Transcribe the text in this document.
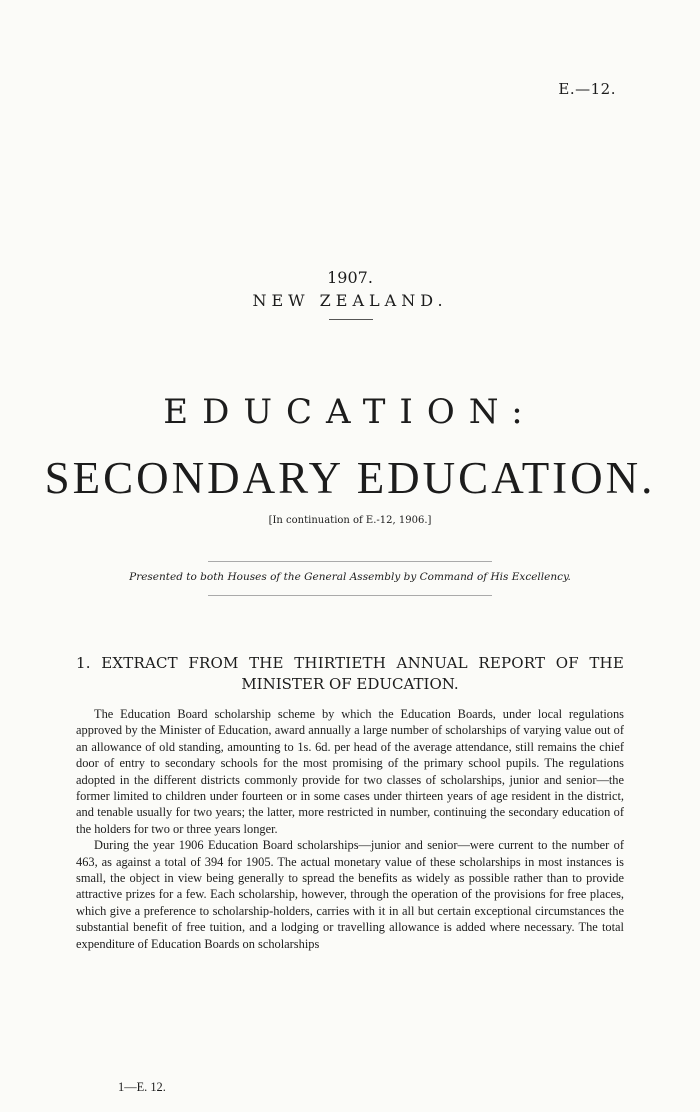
E.—12.
1907.
NEW ZEALAND.
EDUCATION:
SECONDARY EDUCATION.
[In continuation of E.-12, 1906.]
Presented to both Houses of the General Assembly by Command of His Excellency.
1. EXTRACT FROM THE THIRTIETH ANNUAL REPORT OF THE
MINISTER OF EDUCATION.

The Education Board scholarship scheme by which the Education Boards, under local regulations approved by the Minister of Education, award annually a large number of scholarships of varying value out of an allowance of old standing, amounting to 1s. 6d. per head of the average attendance, still remains the chief door of entry to secondary schools for the most promising of the primary school pupils. The regulations adopted in the different districts commonly provide for two classes of scholarships, junior and senior—the former limited to children under fourteen or in some cases under thirteen years of age resident in the district, and tenable usually for two years; the latter, more restricted in number, continuing the secondary education of the holders for two or three years longer.

During the year 1906 Education Board scholarships—junior and senior—were current to the number of 463, as against a total of 394 for 1905. The actual monetary value of these scholarships in most instances is small, the object in view being generally to spread the benefits as widely as possible rather than to provide attractive prizes for a few. Each scholarship, however, through the operation of the provisions for free places, which give a preference to scholarship-holders, carries with it in all but certain exceptional circumstances the substantial benefit of free tuition, and a lodging or travelling allowance is added where necessary. The total expenditure of Education Boards on scholarships

1—E. 12.
